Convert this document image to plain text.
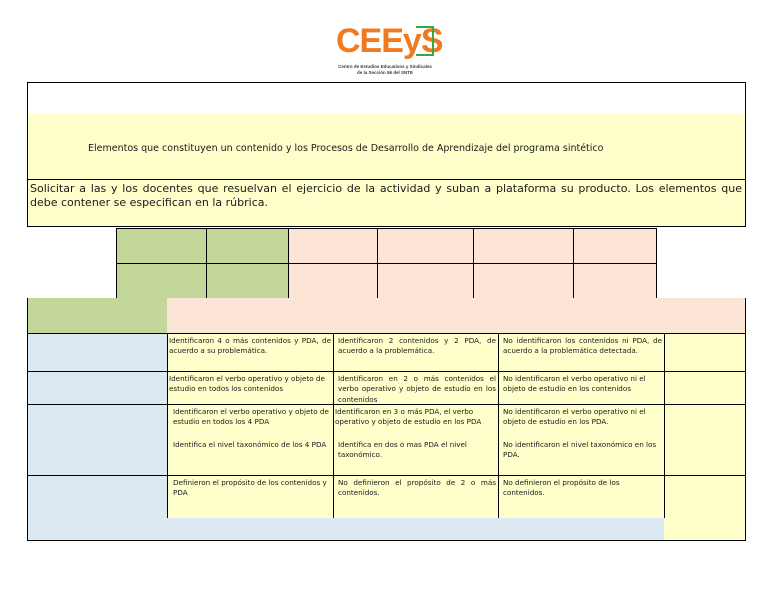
CEEyS
Centro de Estudios Educativos y Sindicales
de la Sección 56 del SNTE
Elementos que constituyen un contenido y los Procesos de Desarrollo de Aprendizaje del programa sintético
Solicitar a las y los docentes que resuelvan el ejercicio de la actividad y suban a plataforma su producto. Los elementos que debe contener se especifican en la rúbrica.
Identificaron 4 o más contenidos y PDA, de acuerdo a su problemática.
Identificaron 2 contenidos y 2 PDA, de acuerdo a la problemática.
No identificaron los contenidos ni PDA, de acuerdo a la problemática detectada.
Identificaron el verbo operativo y objeto de estudio en todos los contenidos
Identificaron en 2 o más contenidos el verbo operativo y objeto de estudio en los contenidos
No identificaron el verbo operativo ni el objeto de estudio en los contenidos
Identificaron el verbo operativo y objeto de estudio en todos los 4 PDA
Identifica el nivel taxonómico de los 4 PDA
Identificaron en 3 o más PDA, el verbo operativo y objeto de estudio en los PDA
Identifica en dos o mas PDA el nivel taxonómico.
No identificaron el verbo operativo ni el objeto de estudio en los PDA.
No identificaron el nivel taxonómico en los PDA.
Definieron el propósito de los contenidos y PDA
No definieron el propósito de 2 o más contenidos.
No definieron el propósito de los contenidos.
